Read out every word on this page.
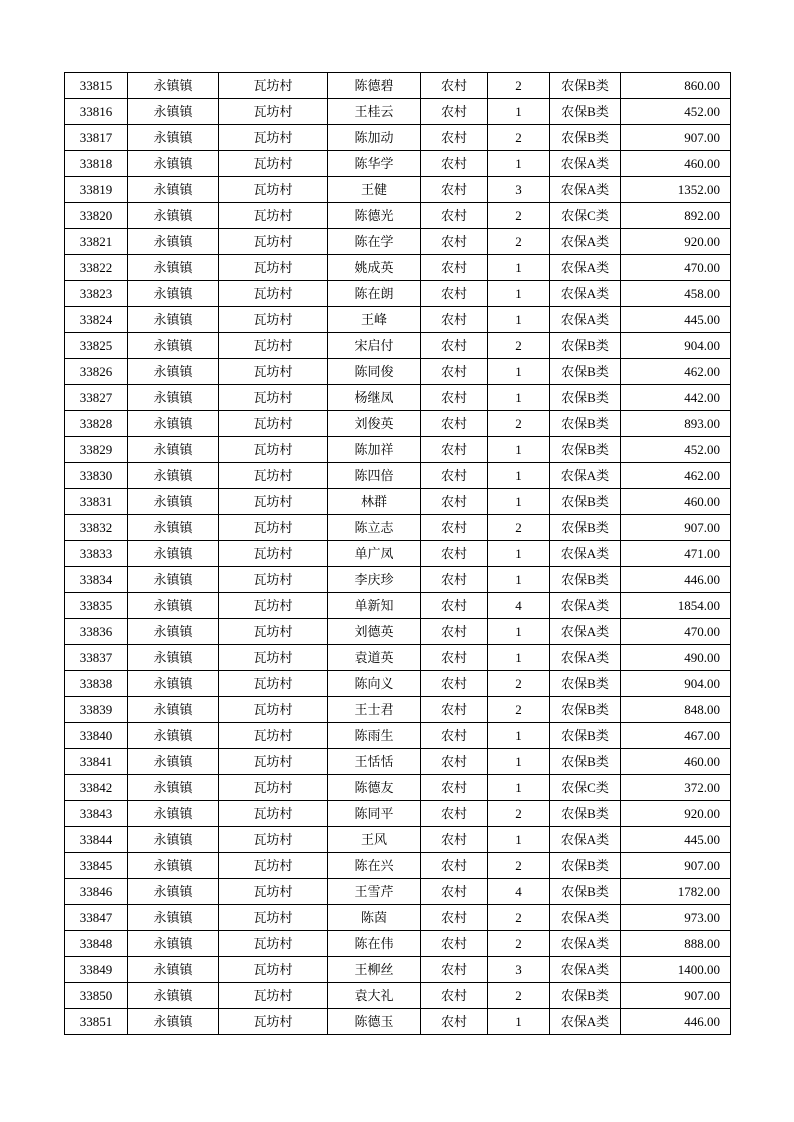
33815	永镇镇	瓦坊村	陈德碧	农村	2	农保B类	860.00
33816	永镇镇	瓦坊村	王桂云	农村	1	农保B类	452.00
33817	永镇镇	瓦坊村	陈加动	农村	2	农保B类	907.00
33818	永镇镇	瓦坊村	陈华学	农村	1	农保A类	460.00
33819	永镇镇	瓦坊村	王健	农村	3	农保A类	1352.00
33820	永镇镇	瓦坊村	陈德光	农村	2	农保C类	892.00
33821	永镇镇	瓦坊村	陈在学	农村	2	农保A类	920.00
33822	永镇镇	瓦坊村	姚成英	农村	1	农保A类	470.00
33823	永镇镇	瓦坊村	陈在朗	农村	1	农保A类	458.00
33824	永镇镇	瓦坊村	王峰	农村	1	农保A类	445.00
33825	永镇镇	瓦坊村	宋启付	农村	2	农保B类	904.00
33826	永镇镇	瓦坊村	陈同俊	农村	1	农保B类	462.00
33827	永镇镇	瓦坊村	杨继凤	农村	1	农保B类	442.00
33828	永镇镇	瓦坊村	刘俊英	农村	2	农保B类	893.00
33829	永镇镇	瓦坊村	陈加祥	农村	1	农保B类	452.00
33830	永镇镇	瓦坊村	陈四倍	农村	1	农保A类	462.00
33831	永镇镇	瓦坊村	林群	农村	1	农保B类	460.00
33832	永镇镇	瓦坊村	陈立志	农村	2	农保B类	907.00
33833	永镇镇	瓦坊村	单广凤	农村	1	农保A类	471.00
33834	永镇镇	瓦坊村	李庆珍	农村	1	农保B类	446.00
33835	永镇镇	瓦坊村	单新知	农村	4	农保A类	1854.00
33836	永镇镇	瓦坊村	刘德英	农村	1	农保A类	470.00
33837	永镇镇	瓦坊村	袁道英	农村	1	农保A类	490.00
33838	永镇镇	瓦坊村	陈向义	农村	2	农保B类	904.00
33839	永镇镇	瓦坊村	王士君	农村	2	农保B类	848.00
33840	永镇镇	瓦坊村	陈雨生	农村	1	农保B类	467.00
33841	永镇镇	瓦坊村	王恬恬	农村	1	农保B类	460.00
33842	永镇镇	瓦坊村	陈德友	农村	1	农保C类	372.00
33843	永镇镇	瓦坊村	陈同平	农村	2	农保B类	920.00
33844	永镇镇	瓦坊村	王风	农村	1	农保A类	445.00
33845	永镇镇	瓦坊村	陈在兴	农村	2	农保B类	907.00
33846	永镇镇	瓦坊村	王雪芹	农村	4	农保B类	1782.00
33847	永镇镇	瓦坊村	陈茵	农村	2	农保A类	973.00
33848	永镇镇	瓦坊村	陈在伟	农村	2	农保A类	888.00
33849	永镇镇	瓦坊村	王柳丝	农村	3	农保A类	1400.00
33850	永镇镇	瓦坊村	袁大礼	农村	2	农保B类	907.00
33851	永镇镇	瓦坊村	陈德玉	农村	1	农保A类	446.00
